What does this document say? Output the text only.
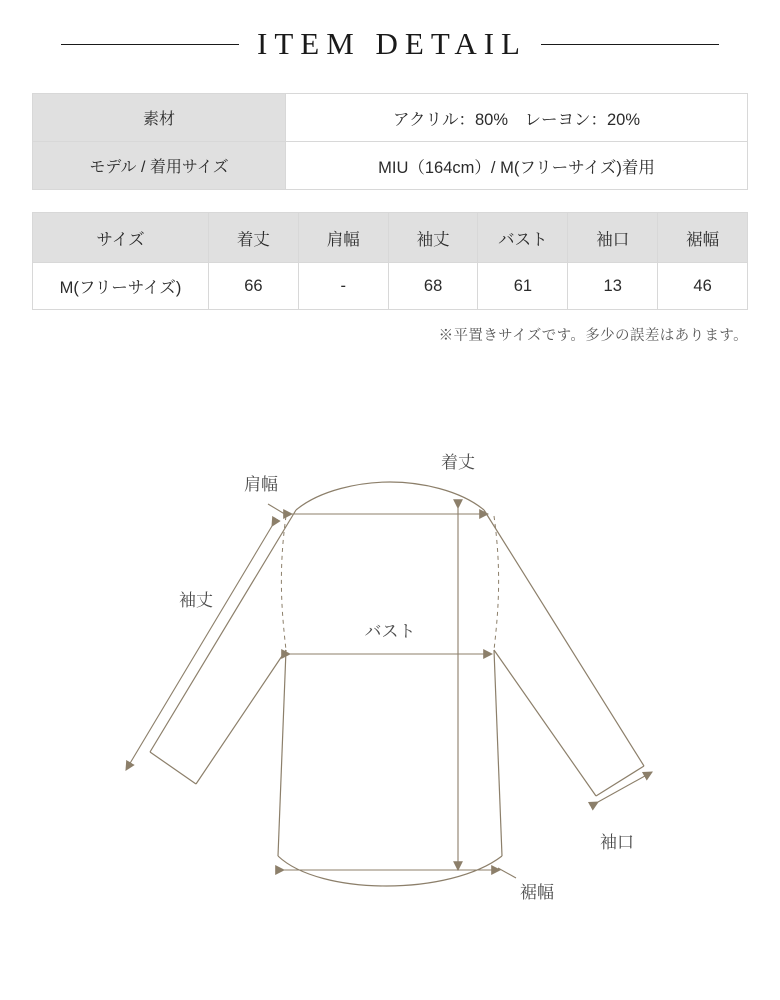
ITEM DETAIL
素材	アクリル：80%　レーヨン：20%
モデル / 着用サイズ	MIU（164cm）/ M(フリーサイズ)着用
サイズ	着丈	肩幅	袖丈	バスト	袖口	裾幅
M(フリーサイズ)	66	-	68	61	13	46
※平置きサイズです。多少の誤差はあります。
肩幅
着丈
袖丈
バスト
袖口
裾幅
